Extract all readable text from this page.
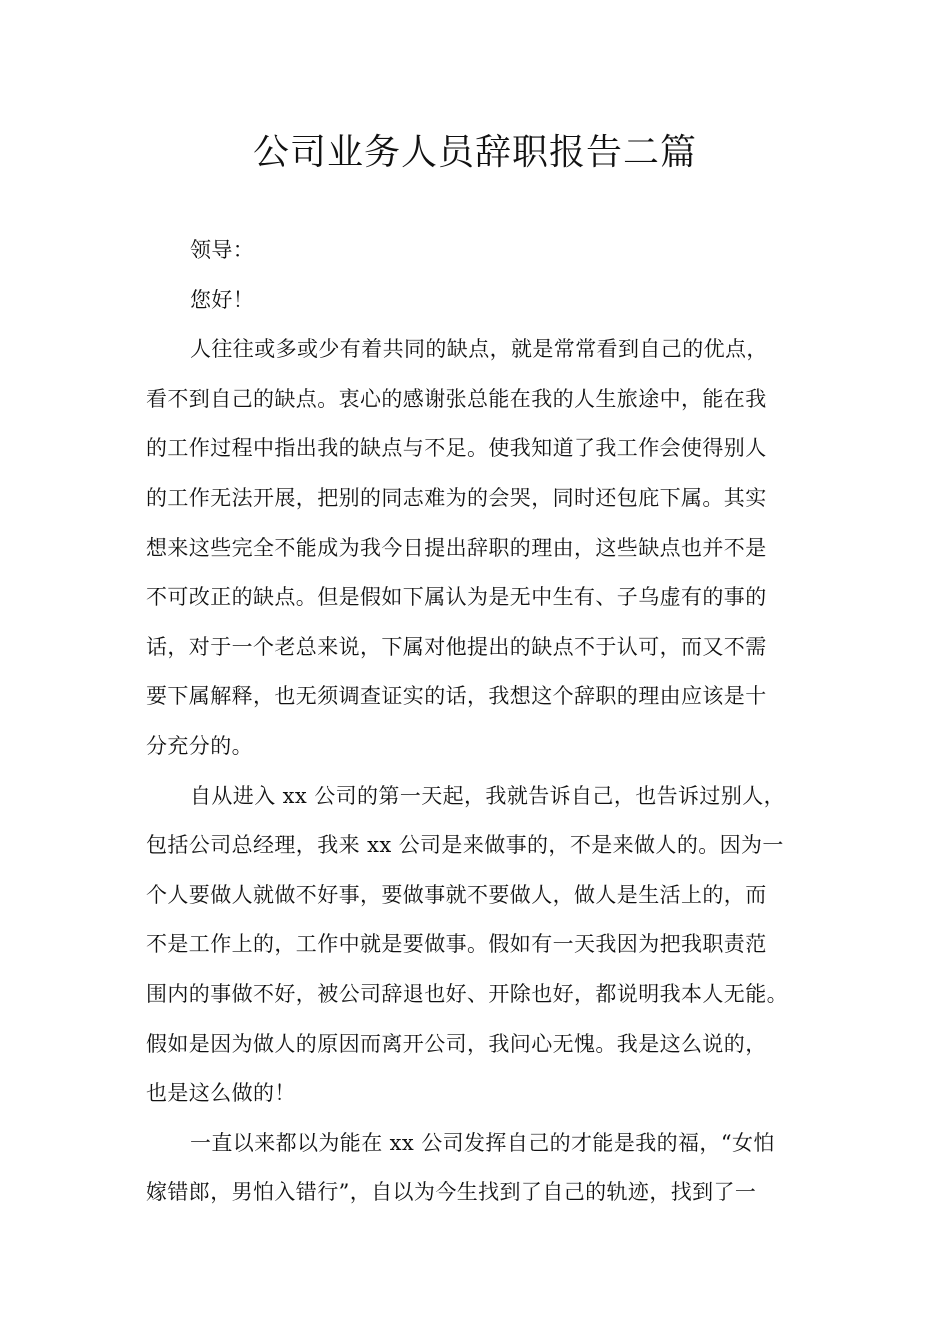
公司业务人员辞职报告二篇
领导：
您好！
人往往或多或少有着共同的缺点，就是常常看到自己的优点，
看不到自己的缺点。衷心的感谢张总能在我的人生旅途中，能在我
的工作过程中指出我的缺点与不足。使我知道了我工作会使得别人
的工作无法开展，把别的同志难为的会哭，同时还包庇下属。其实
想来这些完全不能成为我今日提出辞职的理由，这些缺点也并不是
不可改正的缺点。但是假如下属认为是无中生有、子乌虚有的事的
话，对于一个老总来说，下属对他提出的缺点不于认可，而又不需
要下属解释，也无须调查证实的话，我想这个辞职的理由应该是十
分充分的。
自从进入 xx 公司的第一天起，我就告诉自己，也告诉过别人，
包括公司总经理，我来 xx 公司是来做事的，不是来做人的。因为一
个人要做人就做不好事，要做事就不要做人，做人是生活上的，而
不是工作上的，工作中就是要做事。假如有一天我因为把我职责范
围内的事做不好，被公司辞退也好、开除也好，都说明我本人无能。
假如是因为做人的原因而离开公司，我问心无愧。我是这么说的，
也是这么做的！
一直以来都以为能在 xx 公司发挥自己的才能是我的福，“女怕
嫁错郎，男怕入错行”，自以为今生找到了自己的轨迹，找到了一
